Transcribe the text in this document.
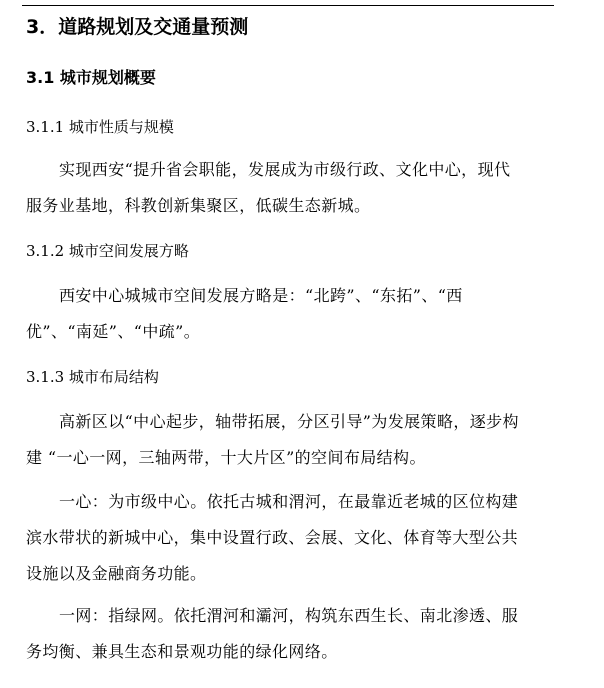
3．道路规划及交通量预测
3.1 城市规划概要
3.1.1 城市性质与规模

实现西安“提升省会职能，发展成为市级行政、文化中心，现代服务业基地，科教创新集聚区，低碳生态新城。

3.1.2 城市空间发展方略

西安中心城城市空间发展方略是：“北跨”、“东拓”、“西优”、“南延”、“中疏”。

3.1.3 城市布局结构

高新区以“中心起步，轴带拓展，分区引导”为发展策略，逐步构建 “一心一网，三轴两带，十大片区”的空间布局结构。

一心：为市级中心。依托古城和渭河，在最靠近老城的区位构建滨水带状的新城中心，集中设置行政、会展、文化、体育等大型公共设施以及金融商务功能。

一网：指绿网。依托渭河和灞河，构筑东西生长、南北渗透、服务均衡、兼具生态和景观功能的绿化网络。
